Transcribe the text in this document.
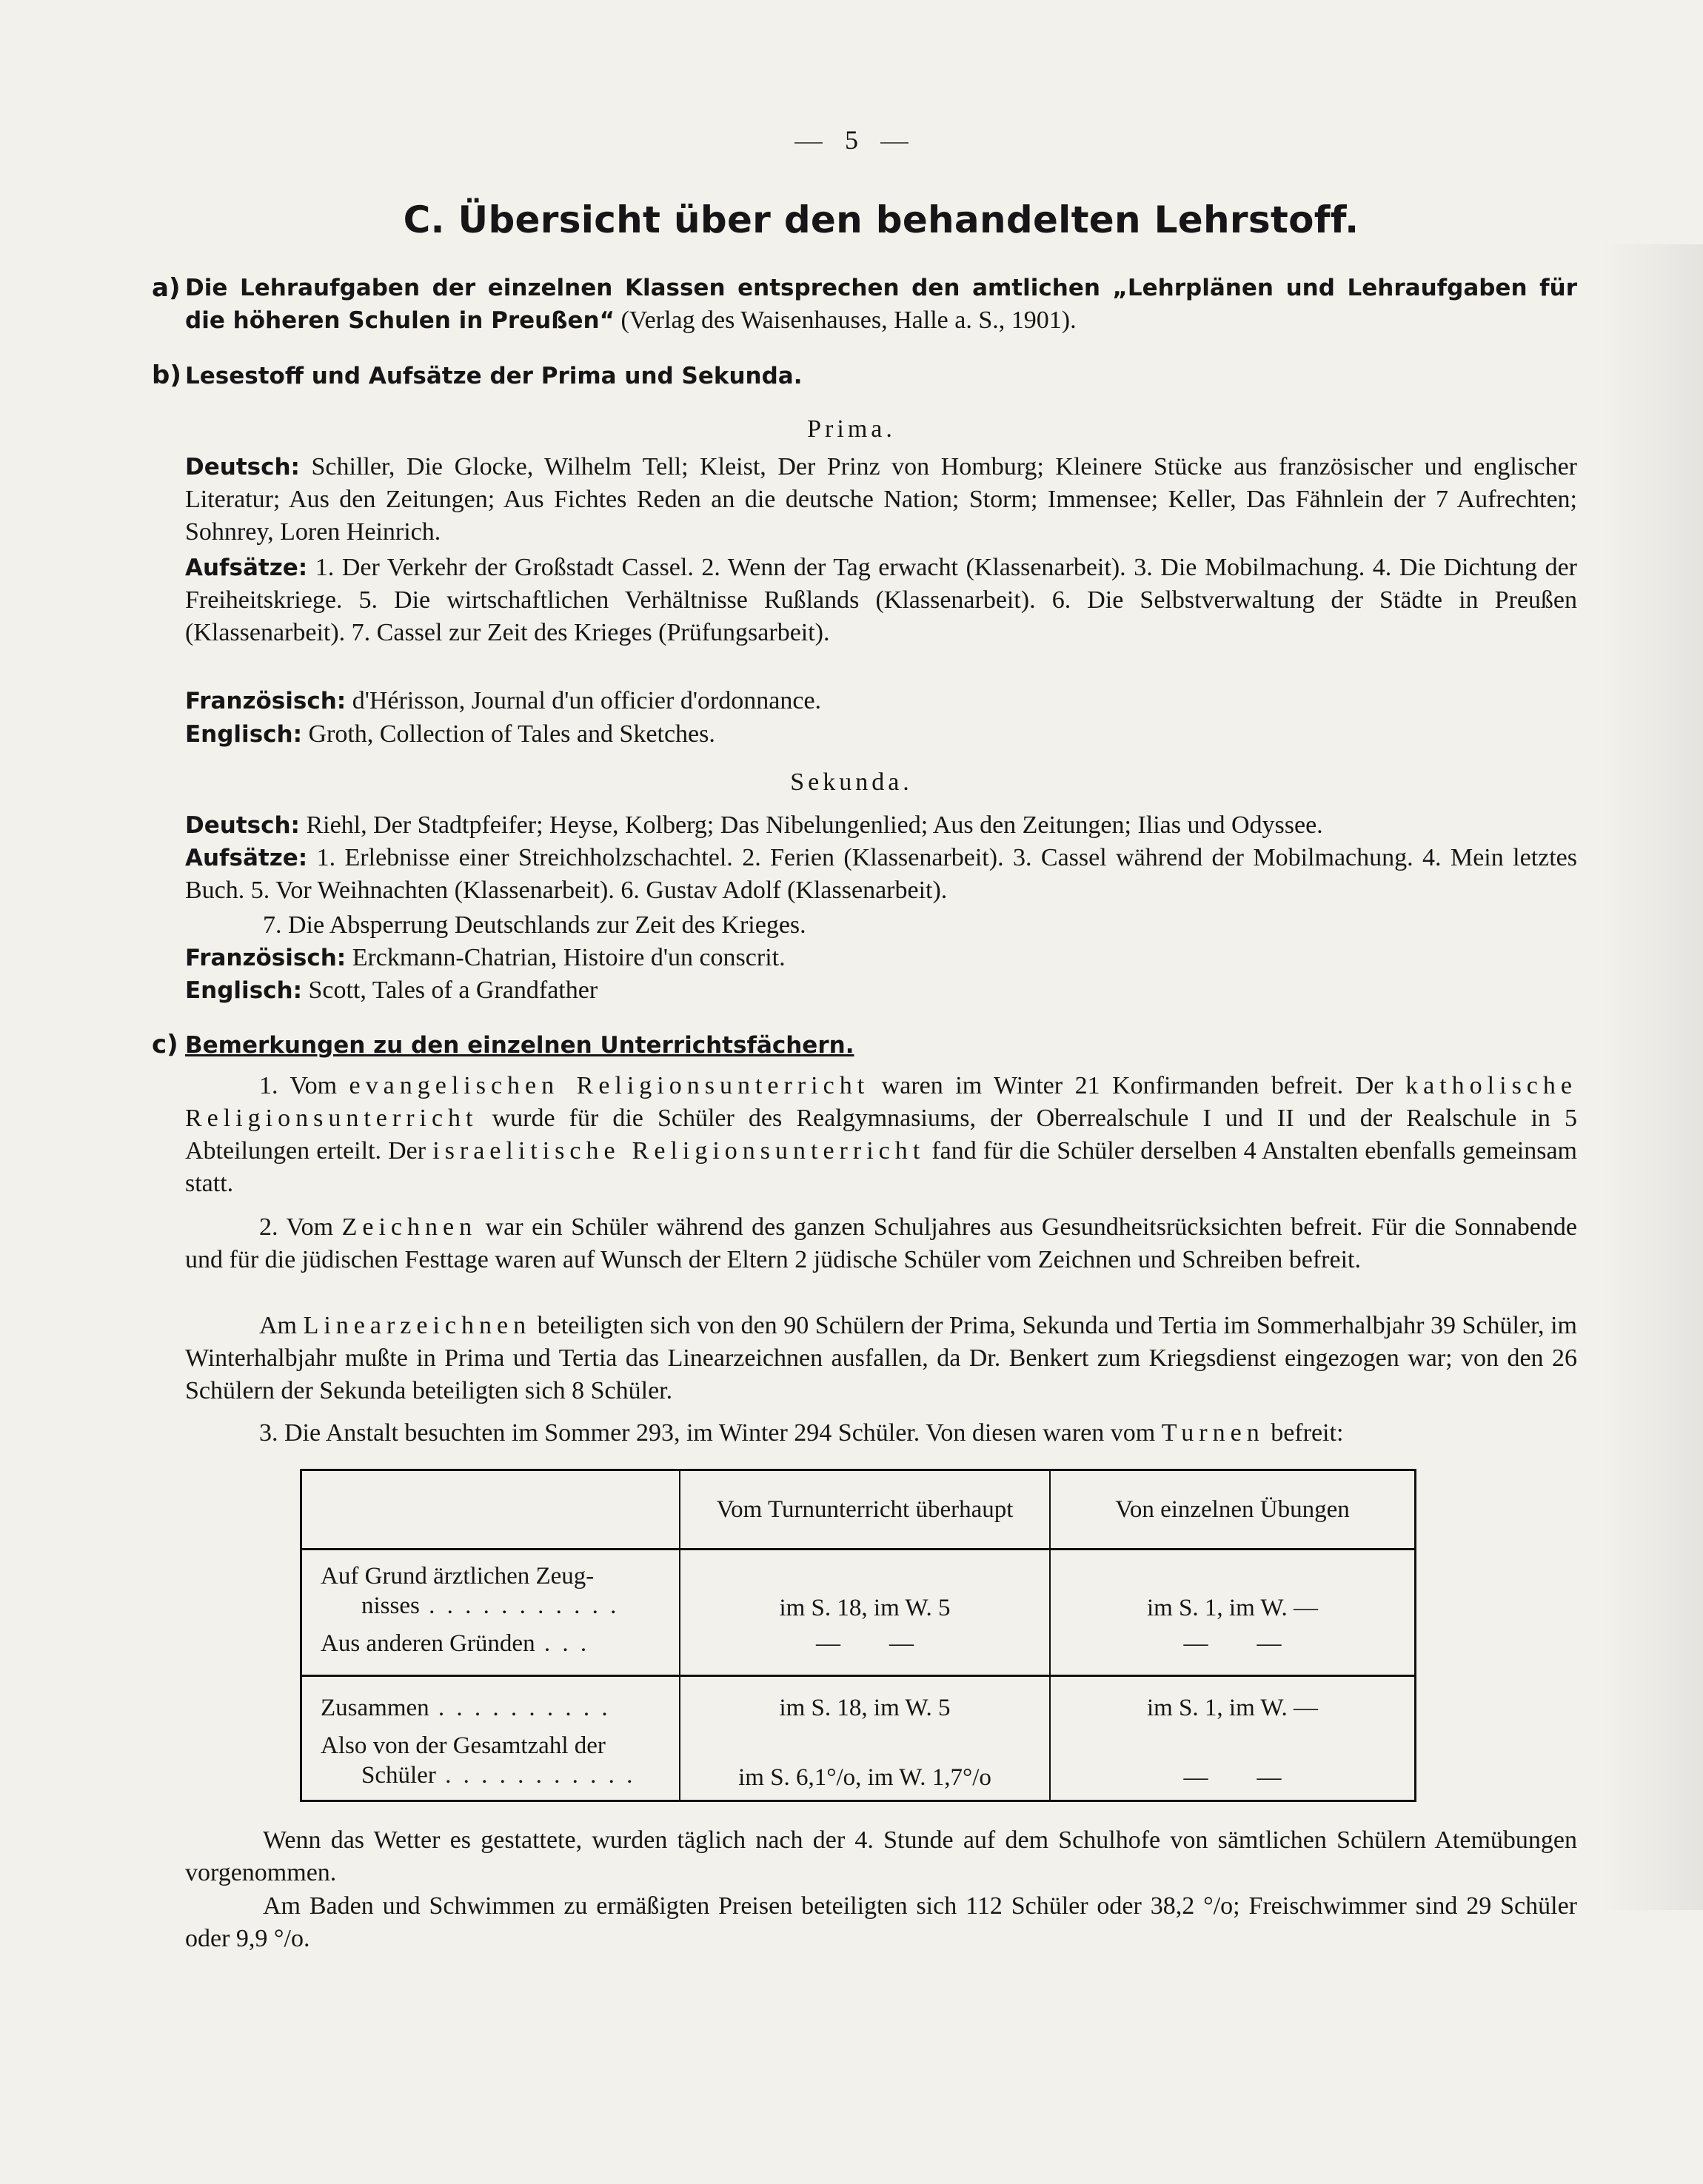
5
C. Übersicht über den behandelten Lehrstoff.
a) Die Lehraufgaben der einzelnen Klassen entsprechen den amtlichen „Lehrplänen und Lehraufgaben für die höheren Schulen in Preußen“ (Verlag des Waisenhauses, Halle a. S., 1901).
b) Lesestoff und Aufsätze der Prima und Sekunda.
Prima.
Deutsch: Schiller, Die Glocke, Wilhelm Tell; Kleist, Der Prinz von Homburg; Kleinere Stücke aus französischer und englischer Literatur; Aus den Zeitungen; Aus Fichtes Reden an die deutsche Nation; Storm; Immensee; Keller, Das Fähnlein der 7 Aufrechten; Sohnrey, Loren Heinrich.
Aufsätze: 1. Der Verkehr der Großstadt Cassel. 2. Wenn der Tag erwacht (Klassenarbeit). 3. Die Mobilmachung. 4. Die Dichtung der Freiheitskriege. 5. Die wirtschaftlichen Verhältnisse Rußlands (Klassenarbeit). 6. Die Selbstverwaltung der Städte in Preußen (Klassenarbeit). 7. Cassel zur Zeit des Krieges (Prüfungsarbeit).
Französisch: d'Hérisson, Journal d'un officier d'ordonnance.
Englisch: Groth, Collection of Tales and Sketches.
Sekunda.
Deutsch: Riehl, Der Stadtpfeifer; Heyse, Kolberg; Das Nibelungenlied; Aus den Zeitungen; Ilias und Odyssee.
Aufsätze: 1. Erlebnisse einer Streichholzschachtel. 2. Ferien (Klassenarbeit). 3. Cassel während der Mobilmachung. 4. Mein letztes Buch. 5. Vor Weihnachten (Klassenarbeit). 6. Gustav Adolf (Klassenarbeit).
7. Die Absperrung Deutschlands zur Zeit des Krieges.
Französisch: Erckmann-Chatrian, Histoire d'un conscrit.
Englisch: Scott, Tales of a Grandfather
c) Bemerkungen zu den einzelnen Unterrichtsfächern.
1. Vom evangelischen Religionsunterricht waren im Winter 21 Konfirmanden befreit. Der katholische Religionsunterricht wurde für die Schüler des Realgymnasiums, der Oberrealschule I und II und der Realschule in 5 Abteilungen erteilt. Der israelitische Religionsunterricht fand für die Schüler derselben 4 Anstalten ebenfalls gemeinsam statt.
2. Vom Zeichnen war ein Schüler während des ganzen Schuljahres aus Gesundheitsrücksichten befreit. Für die Sonnabende und für die jüdischen Festtage waren auf Wunsch der Eltern 2 jüdische Schüler vom Zeichnen und Schreiben befreit.
Am Linearzeichnen beteiligten sich von den 90 Schülern der Prima, Sekunda und Tertia im Sommerhalbjahr 39 Schüler, im Winterhalbjahr mußte in Prima und Tertia das Linearzeichnen ausfallen, da Dr. Benkert zum Kriegsdienst eingezogen war; von den 26 Schülern der Sekunda beteiligten sich 8 Schüler.
3. Die Anstalt besuchten im Sommer 293, im Winter 294 Schüler. Von diesen waren vom Turnen befreit:
	Vom Turnunterricht überhaupt	Von einzelnen Übungen

Auf Grund ärztlichen Zeug-
nisses . . . . . . . . . . .	im S. 18, im W. 5	im S. 1, im W. —
Aus anderen Gründen . . .	—        —	—        —
Zusammen . . . . . . . . . .	im S. 18, im W. 5	im S. 1, im W. —

Also von der Gesamtzahl der
Schüler . . . . . . . . . . .	im S. 6,1°/o, im W. 1,7°/o	—        —
Wenn das Wetter es gestattete, wurden täglich nach der 4. Stunde auf dem Schulhofe von sämtlichen Schülern Atemübungen vorgenommen.
Am Baden und Schwimmen zu ermäßigten Preisen beteiligten sich 112 Schüler oder 38,2 °/o; Freischwimmer sind 29 Schüler oder 9,9 °/o.
